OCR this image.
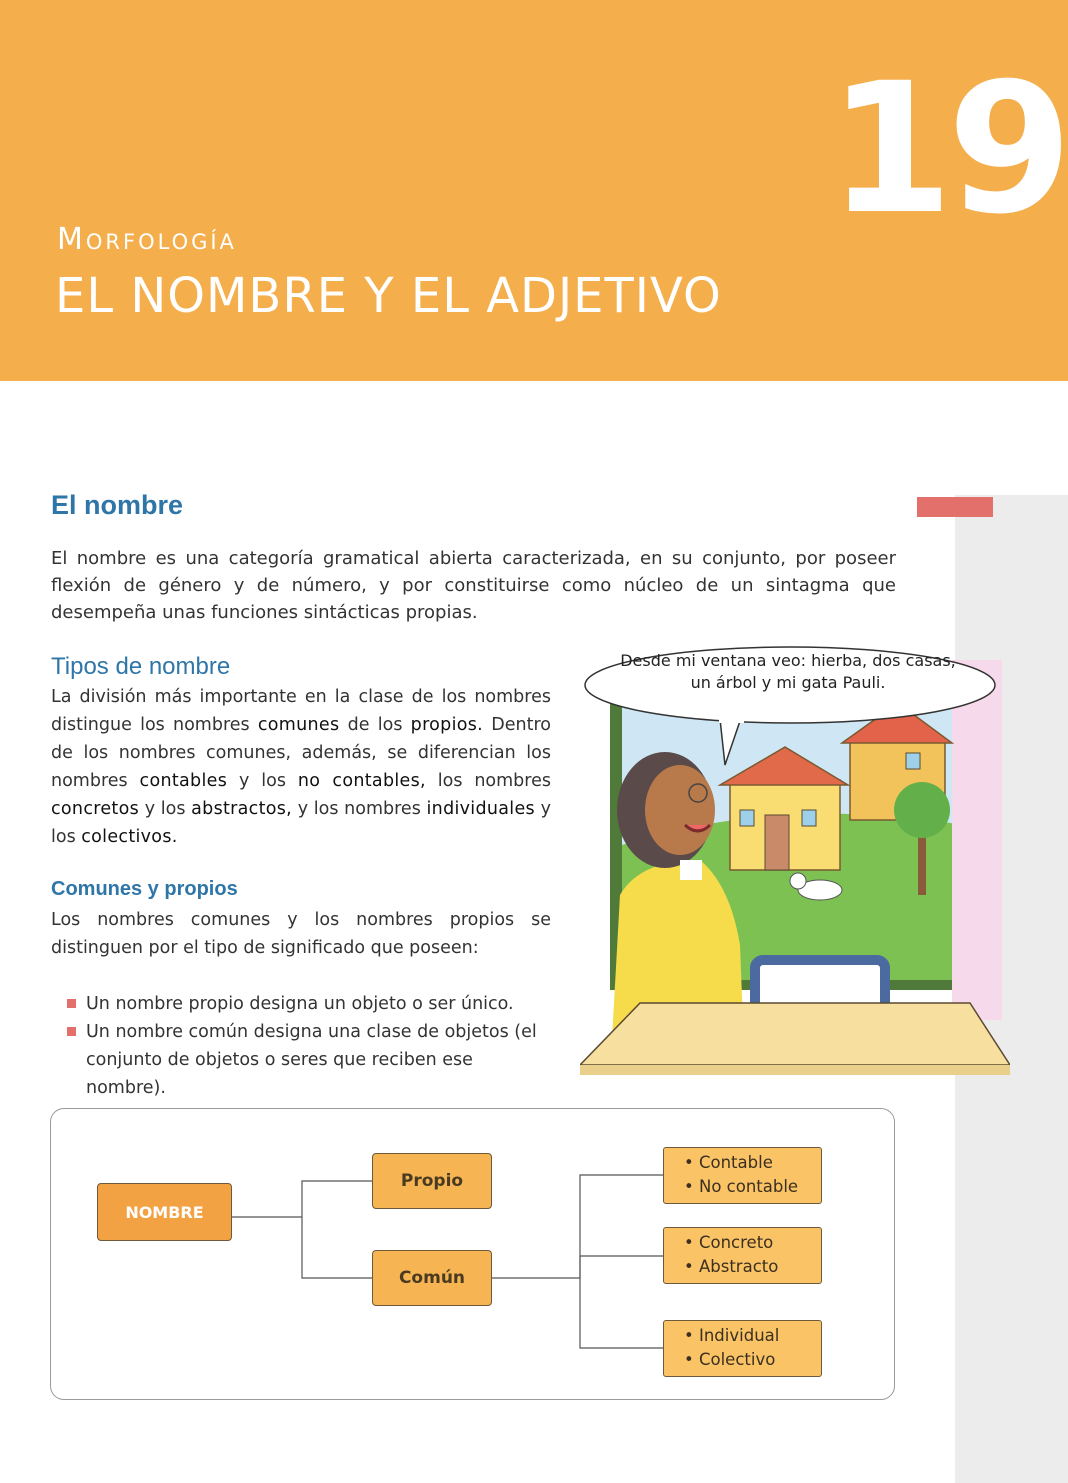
Morfología
EL NOMBRE Y EL ADJETIVO
19
El nombre

El nombre es una categoría gramatical abierta caracterizada, en su conjunto, por poseer flexión de género y de número, y por constituirse como núcleo de un sintagma que desempeña unas funciones sintácticas propias.

Tipos de nombre

La división más importante en la clase de los nombres distingue los nombres comunes de los propios. Dentro de los nombres comunes, además, se diferencian los nombres contables y los no contables, los nombres concretos y los abstractos, y los nombres individuales y los colectivos.

Comunes y propios

Los nombres comunes y los nombres propios se distinguen por el tipo de significado que poseen:

Un nombre propio designa un objeto o ser único.
Un nombre común designa una clase de objetos (el conjunto de objetos o seres que reciben ese nombre).
Desde mi ventana veo: hierba, dos casas, un árbol y mi gata Pauli.
NOMBRE
Propio
Común
• Contable
• No contable
• Concreto
• Abstracto
• Individual
• Colectivo
